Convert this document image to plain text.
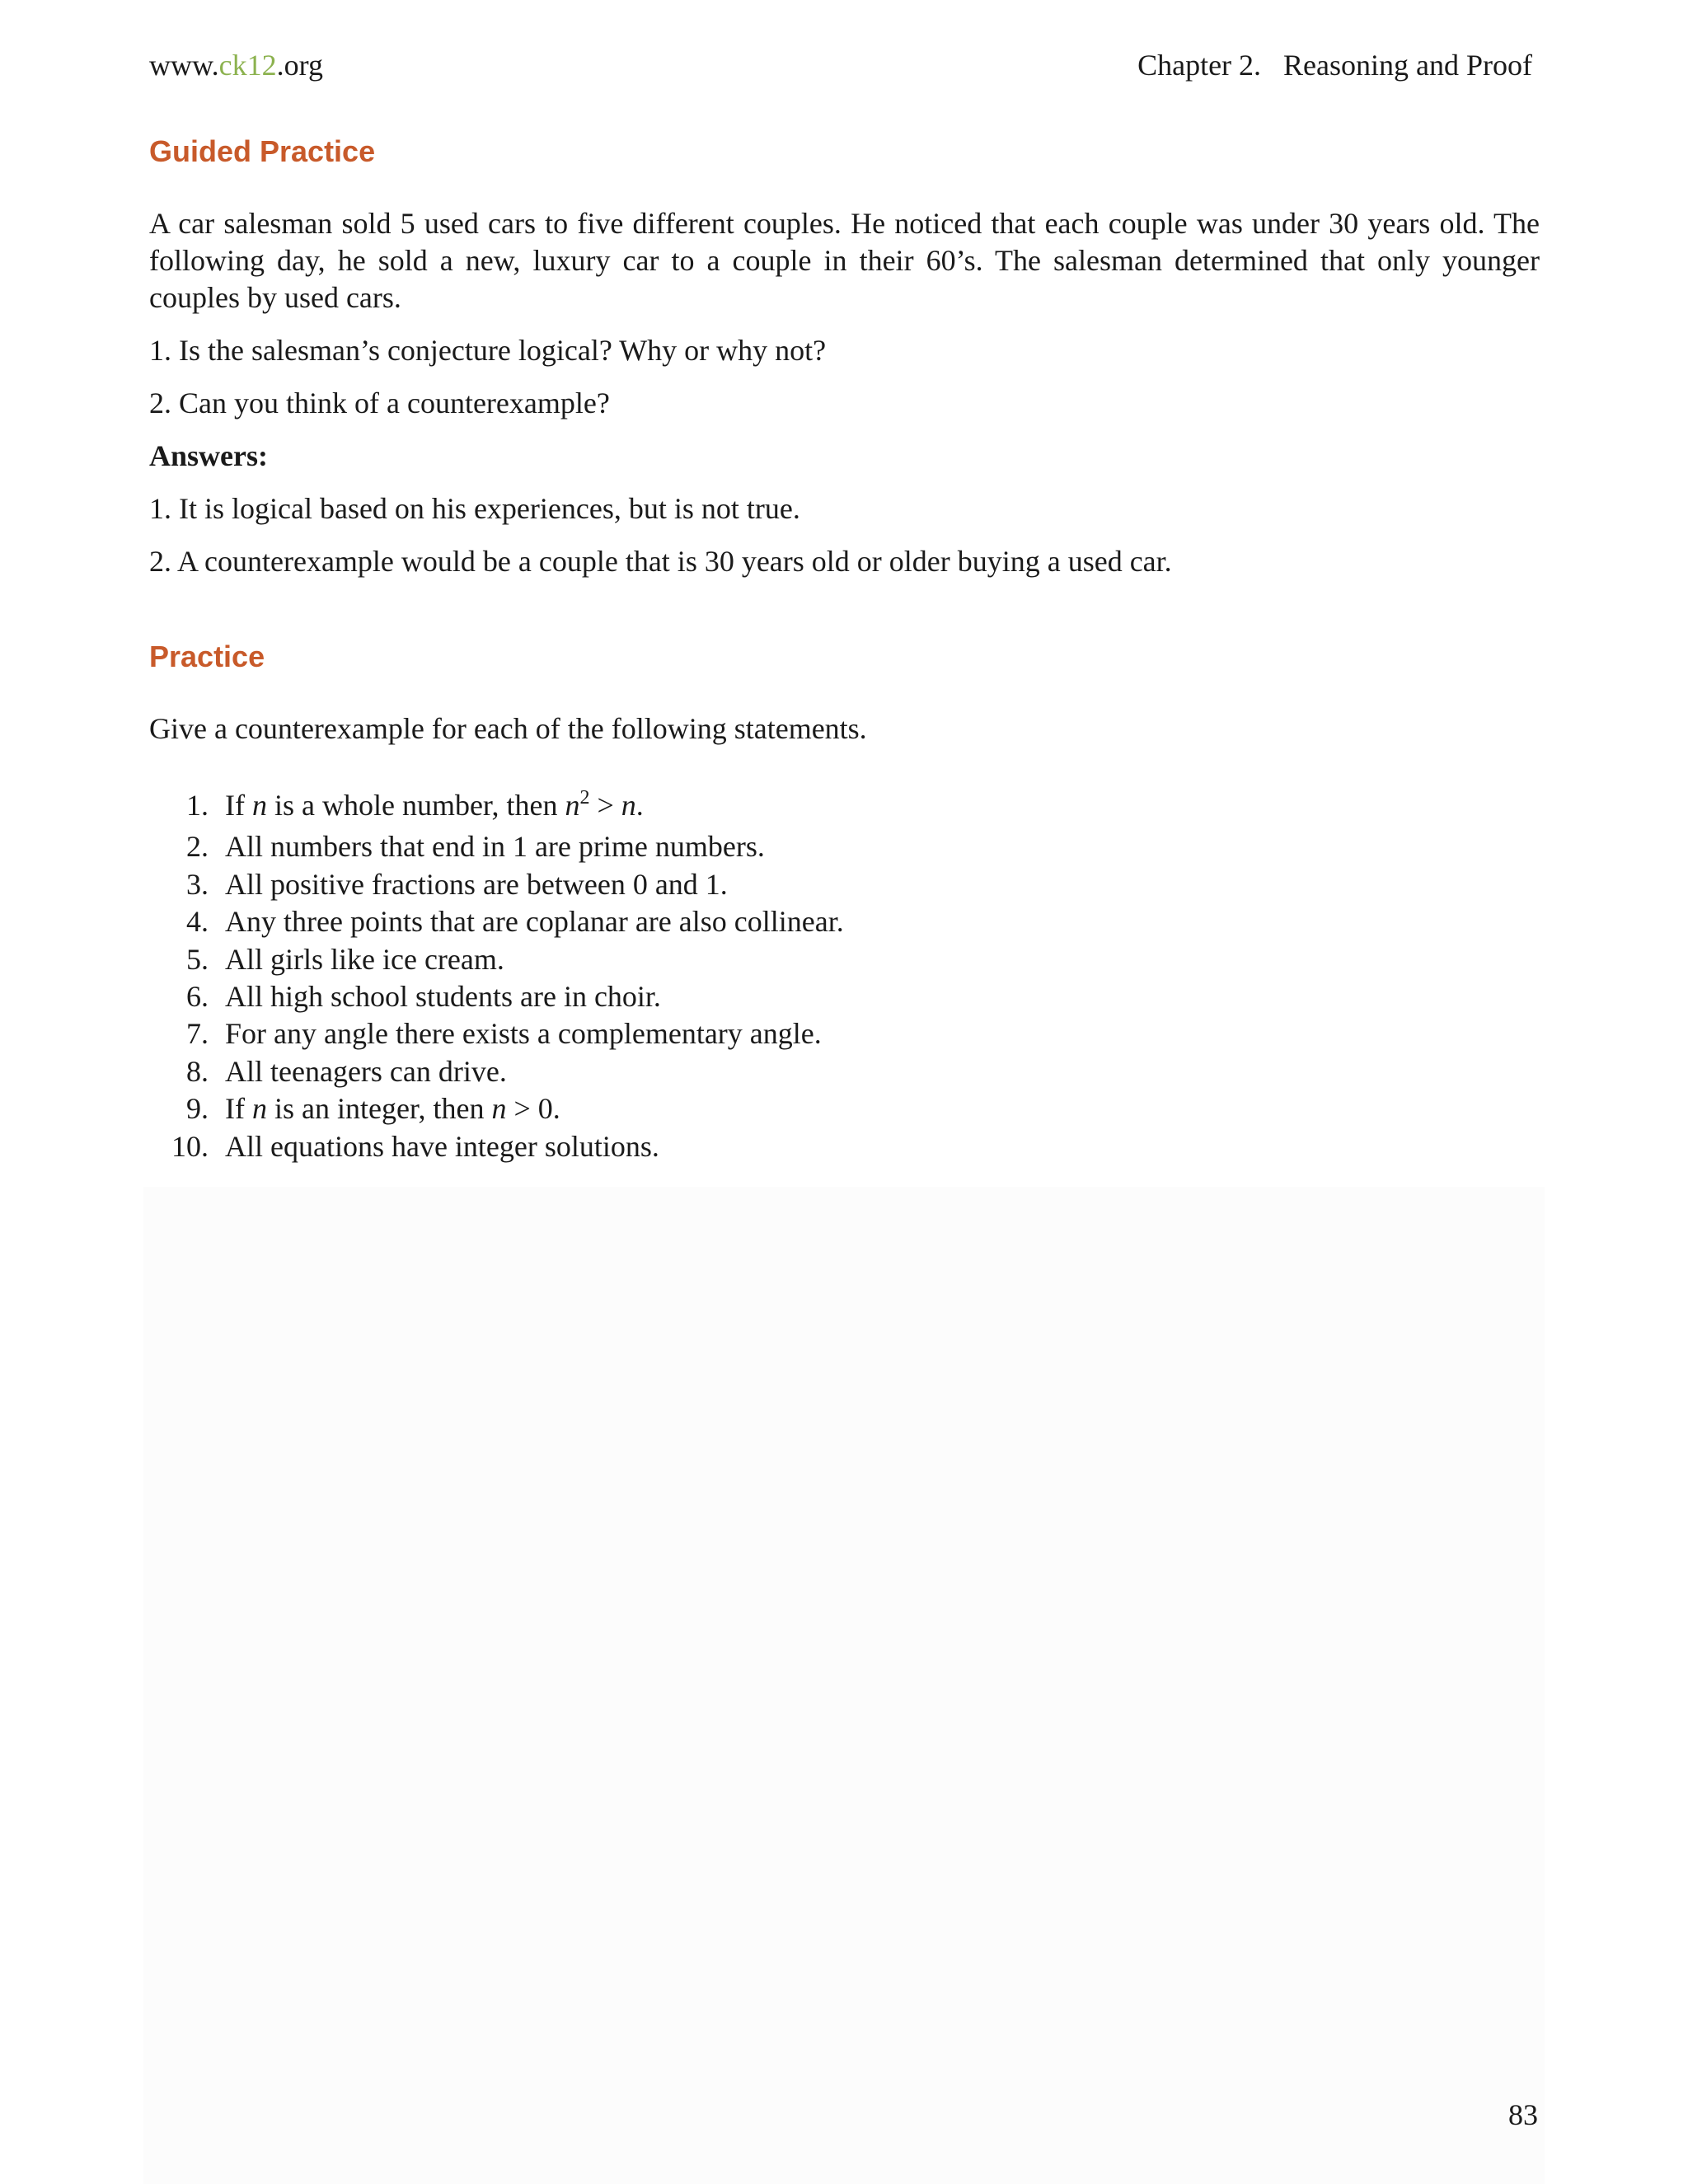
www.ck12.org	Chapter 2.   Reasoning and Proof
Guided Practice
A car salesman sold 5 used cars to five different couples. He noticed that each couple was under 30 years old. The following day, he sold a new, luxury car to a couple in their 60’s. The salesman determined that only younger couples by used cars.
1. Is the salesman’s conjecture logical? Why or why not?
2. Can you think of a counterexample?
Answers:
1. It is logical based on his experiences, but is not true.
2. A counterexample would be a couple that is 30 years old or older buying a used car.
Practice
Give a counterexample for each of the following statements.
1. If n is a whole number, then $n^2 > n$.
2. All numbers that end in 1 are prime numbers.
3. All positive fractions are between 0 and 1.
4. Any three points that are coplanar are also collinear.
5. All girls like ice cream.
6. All high school students are in choir.
7. For any angle there exists a complementary angle.
8. All teenagers can drive.
9. If n is an integer, then n > 0.
10. All equations have integer solutions.
83
